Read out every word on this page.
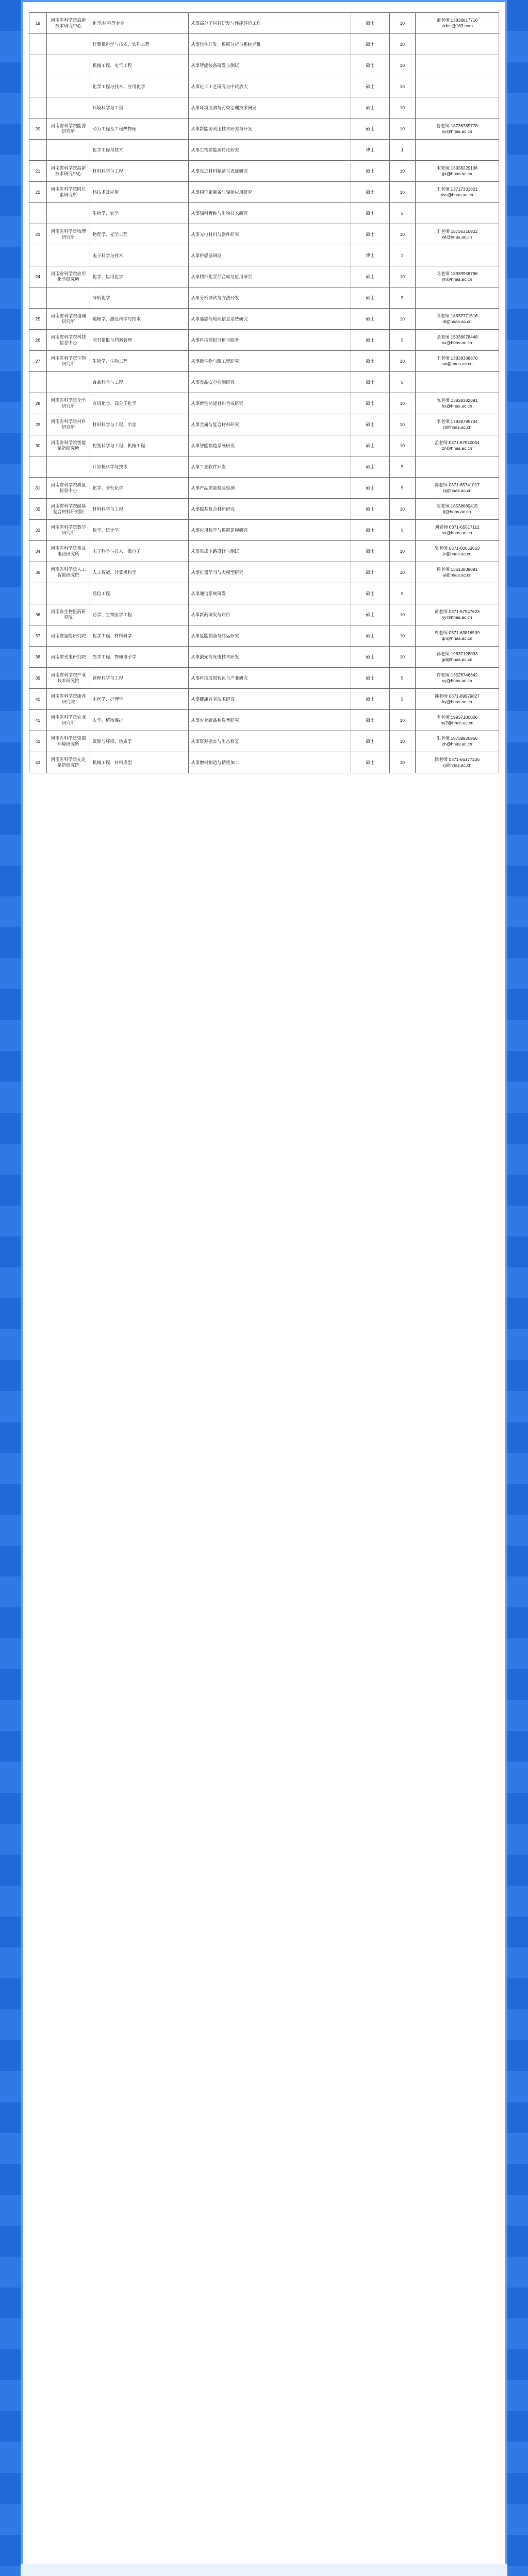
19	河南省科学院高新技术研究中心	化学/材料等专业	从事高分子材料研发与性能评价工作	硕士	10	董老师 13838817716
zkhtc@163.com

		计算机科学与技术、软件工程	从事软件开发、数据分析与系统运维	硕士	10	

		机械工程、电气工程	从事智能装备研发与测试	硕士	10	

		化学工程与技术、应用化学	从事化工工艺研究与中试放大	硕士	10	

		环境科学与工程	从事环境监测与污染治理技术研发	硕士	10	

20	河南省科学院能源研究所	动力工程及工程热物理	从事新能源利用技术研究与开发	硕士	10	曹老师 18736785778
ny@hnas.ac.cn

		化学工程与技术	从事生物质能源转化研究	博士	1	

21	河南省科学院高新技术研究中心	材料科学与工程	从事先进材料制备与表征研究	硕士	10	宋老师 13938229136
gx@hnas.ac.cn

22	河南省科学院同位素研究所	核技术及应用	从事同位素制备与辐射应用研究	硕士	10	王老师 13717381821
tws@hnas.ac.cn

		生物学、农学	从事辐射育种与生物技术研究	硕士	5	

23	河南省科学院物理研究所	物理学、光学工程	从事光电材料与器件研究	硕士	10	王老师 18736316922
wl@hnas.ac.cn

		电子科学与技术	从事传感器研发	博士	2	

24	河南省科学院应用化学研究所	化学、应用化学	从事精细化学品合成与应用研究	硕士	10	龙老师 18939958796
yh@hnas.ac.cn

		分析化学	从事分析测试与方法开发	硕士	5	

25	河南省科学院地理研究所	地理学、测绘科学与技术	从事遥感与地理信息系统研究	硕士	10	高老师 18637771516
dl@hnas.ac.cn

26	河南省科学院科技信息中心	图书情报与档案管理	从事科技情报分析与服务	硕士	5	张老师 15036078448
xx@hnas.ac.cn

27	河南省科学院生物研究所	生物学、生物工程	从事微生物与酶工程研究	硕士	10	王老师 13838388878
sw@hnas.ac.cn

		食品科学与工程	从事食品安全检测研究	硕士	5	

28	河南省科学院化学研究所	有机化学、高分子化学	从事新型功能材料合成研究	硕士	10	陈老师 13838382891
hx@hnas.ac.cn

29	河南省科学院材料研究所	材料科学与工程、冶金	从事金属与复合材料研究	硕士	10	李老师 17839795744
cl@hnas.ac.cn

30	河南省科学院智能制造研究所	控制科学与工程、机械工程	从事智能制造系统研发	硕士	10	孟老师 0371-67940054
zn@hnas.ac.cn

		计算机科学与技术	从事工业软件开发	硕士	5	

31	河南省科学院质量检验中心	化学、分析化学	从事产品质量检验检测	硕士	5	郭老师 0371-65741017
zj@hnas.ac.cn

32	河南省科学院碳基复合材料研究院	材料科学与工程	从事碳基复合材料研究	硕士	10	赵老师 18538089415
tj@hnas.ac.cn

33	河南省科学院数学研究所	数学、统计学	从事应用数学与数据建模研究	硕士	5	刘老师 0371-65517112
sx@hnas.ac.cn

34	河南省科学院集成电路研究所	电子科学与技术、微电子	从事集成电路设计与测试	硕士	10	吴老师 0371-60653663
jc@hnas.ac.cn

35	河南省科学院人工智能研究院	人工智能、计算机科学	从事机器学习与大模型研究	硕士	10	杨老师 13613809891
ai@hnas.ac.cn

		通信工程	从事通信系统研发	硕士	5	

36	河南省生物医药研究院	药学、生物医学工程	从事新药研发与评价	硕士	10	黄老师 0371-67947623
yy@hnas.ac.cn

37	河南省氢能研究院	化学工程、材料科学	从事氢能制备与储运研究	硕士	10	周老师 0371-63816509
qn@hnas.ac.cn

38	河南省光电研究院	光学工程、物理电子学	从事激光与光电技术研发	硕士	10	孙老师 19637128033
gd@hnas.ac.cn

39	河南省科学院产业技术研究院	管理科学与工程	从事科技成果转化与产业研究	硕士	5	许老师 13526746342
cy@hnas.ac.cn

40	河南省科学院康养研究院	中医学、护理学	从事健康养老技术研究	硕士	5	韩老师 0371-89979827
ky@hnas.ac.cn

41	河南省科学院农业研究所	农学、植物保护	从事农业新品种选育研究	硕士	10	李老师 19937180026
ny2@hnas.ac.cn

42	河南省科学院资源环境研究所	资源与环境、地质学	从事资源勘查与生态修复	硕士	10	朱老师 18739926966
zh@hnas.ac.cn

43	河南省科学院先进制造研究院	机械工程、材料成型	从事增材制造与精密加工	硕士	10	徐老师 0371-66177226
xj@hnas.ac.cn
